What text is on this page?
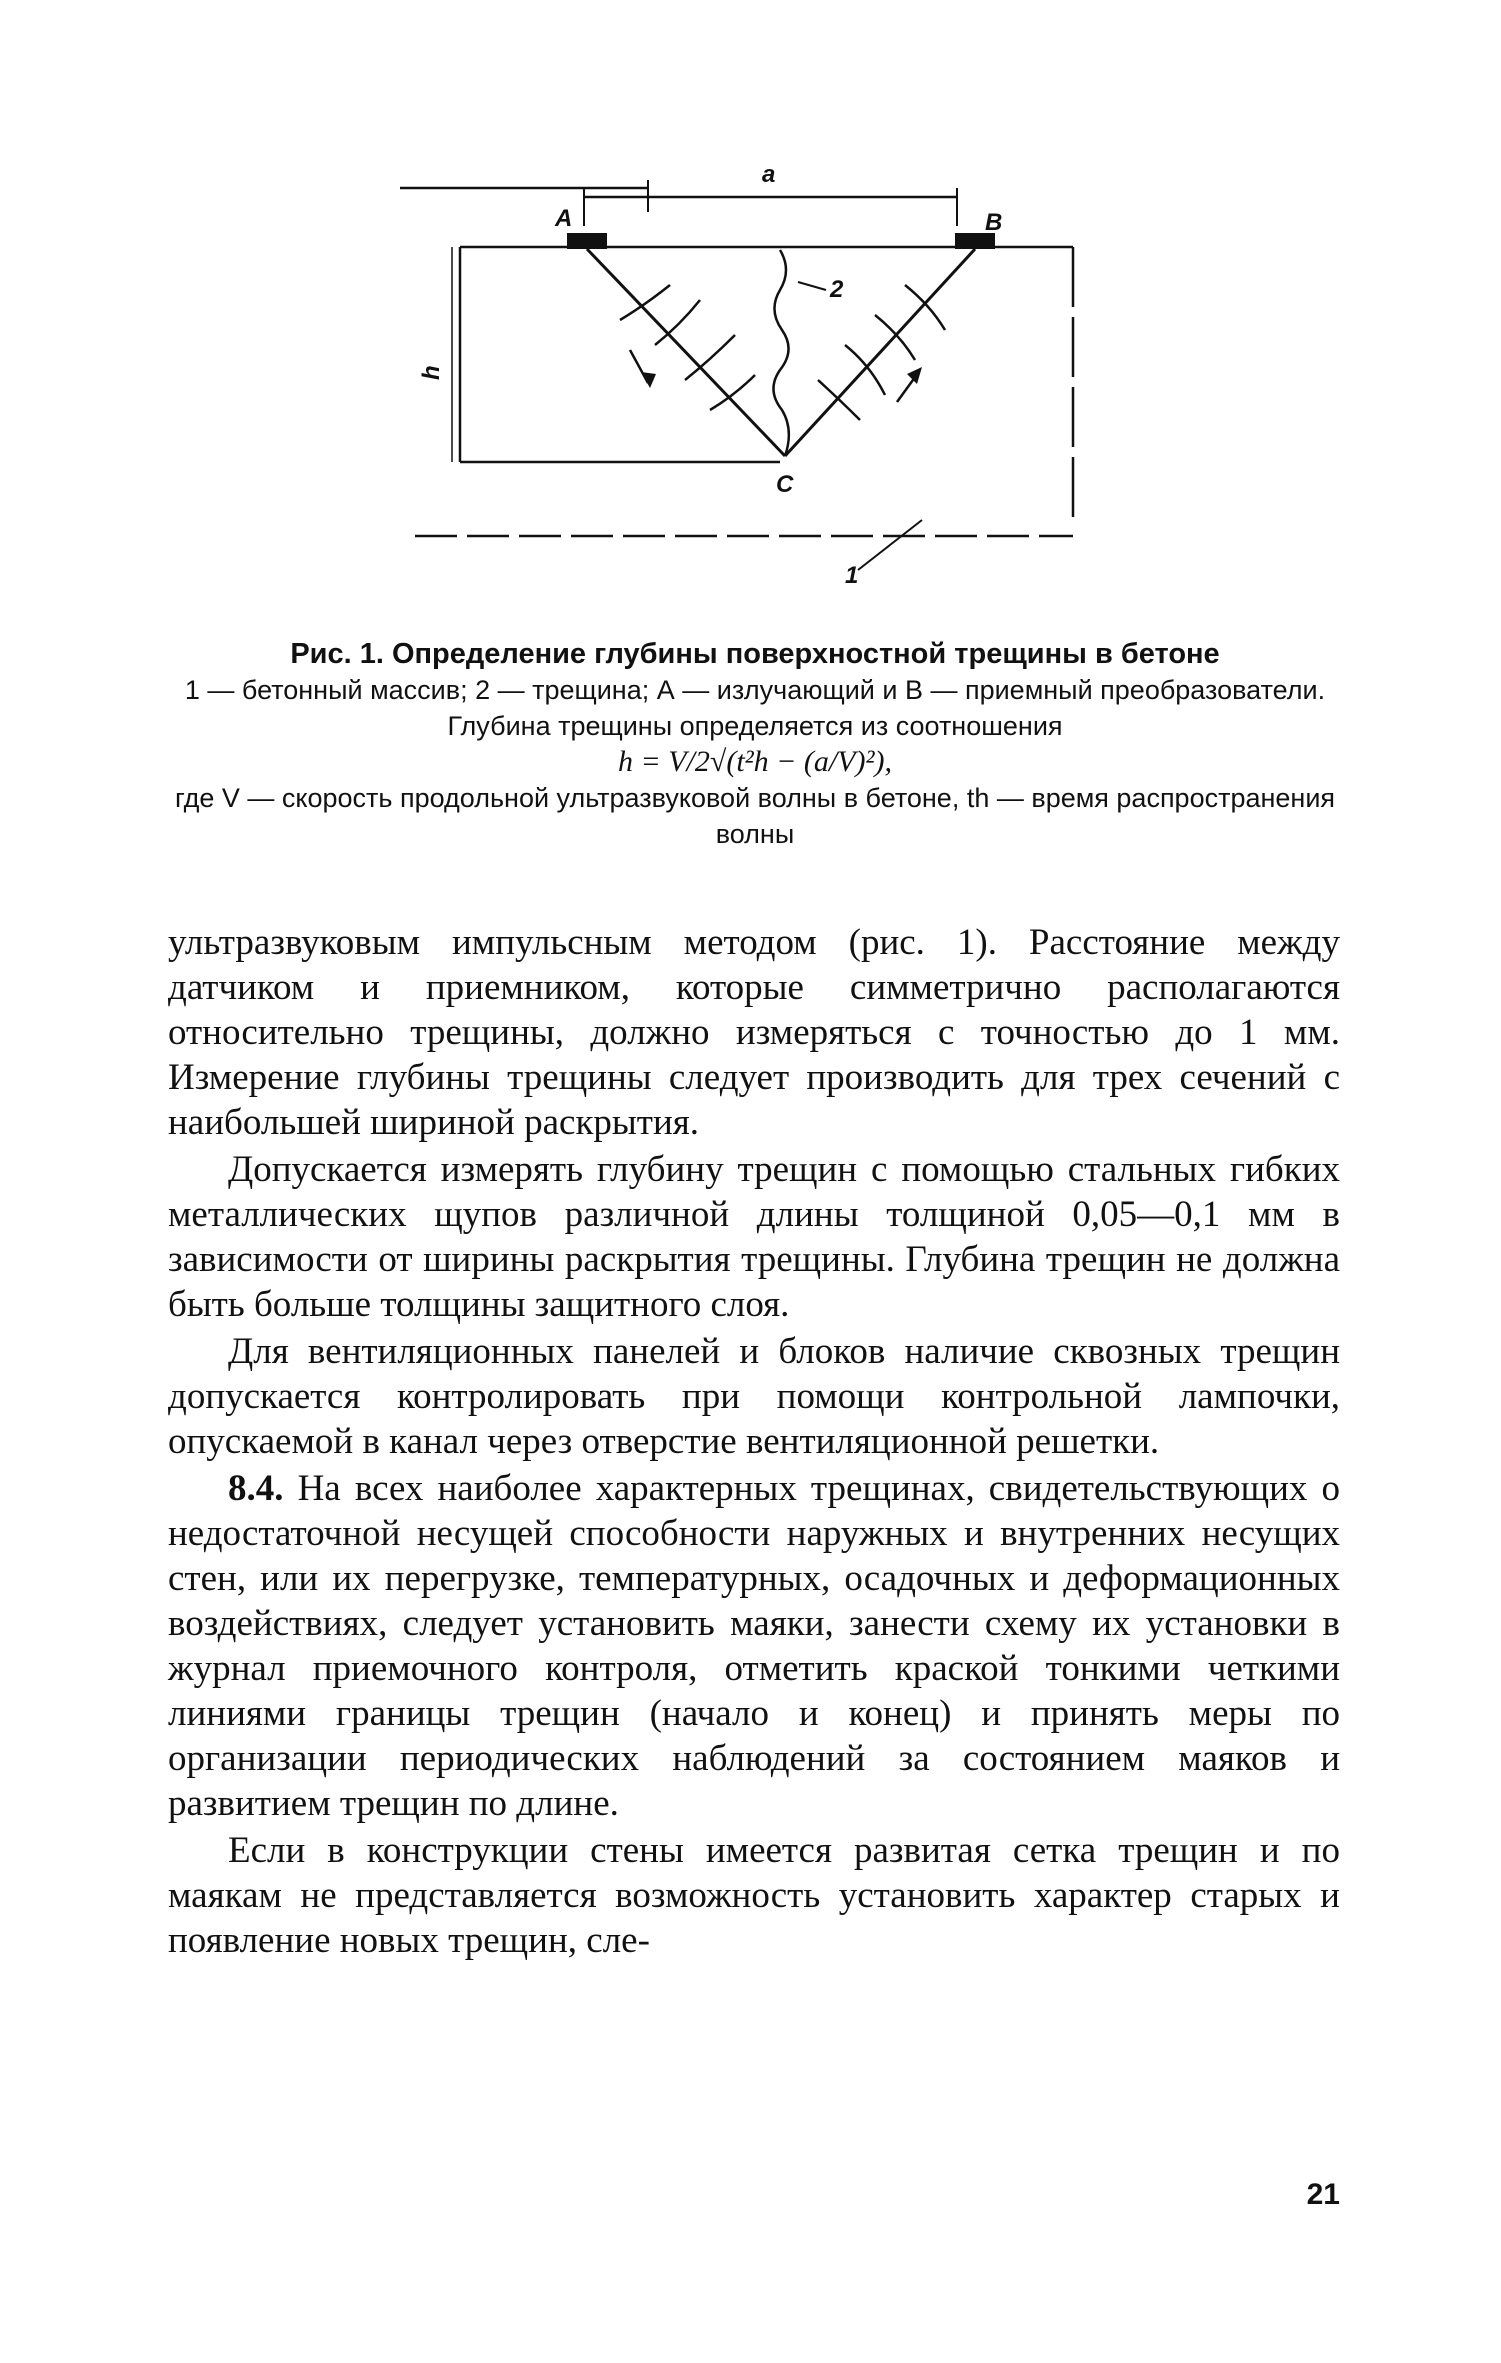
a
A	B
h
2
C
1
Рис. 1. Определение глубины поверхностной трещины в бетоне
1 — бетонный массив; 2 — трещина; А — излучающий и В — приемный преобразователи.
Глубина трещины определяется из соотношения
h = V/2√(t²h − (a/V)²),
где V — скорость продольной ультразвуковой волны в бетоне, th — время распространения волны

ультразвуковым импульсным методом (рис. 1). Расстояние между датчиком и приемником, которые симметрично располагаются относительно трещины, должно измеряться с точностью до 1 мм. Измерение глубины трещины следует производить для трех сечений с наибольшей шириной раскрытия.

Допускается измерять глубину трещин с помощью стальных гибких металлических щупов различной длины толщиной 0,05—0,1 мм в зависимости от ширины раскрытия трещины. Глубина трещин не должна быть больше толщины защитного слоя.

Для вентиляционных панелей и блоков наличие сквозных трещин допускается контролировать при помощи контрольной лампочки, опускаемой в канал через отверстие вентиляционной решетки.

8.4. На всех наиболее характерных трещинах, свидетельствующих о недостаточной несущей способности наружных и внутренних несущих стен, или их перегрузке, температурных, осадочных и деформационных воздействиях, следует установить маяки, занести схему их установки в журнал приемочного контроля, отметить краской тонкими четкими линиями границы трещин (начало и конец) и принять меры по организации периодических наблюдений за состоянием маяков и развитием трещин по длине.

Если в конструкции стены имеется развитая сетка трещин и по маякам не представляется возможность установить характер старых и появление новых трещин, сле-

21
